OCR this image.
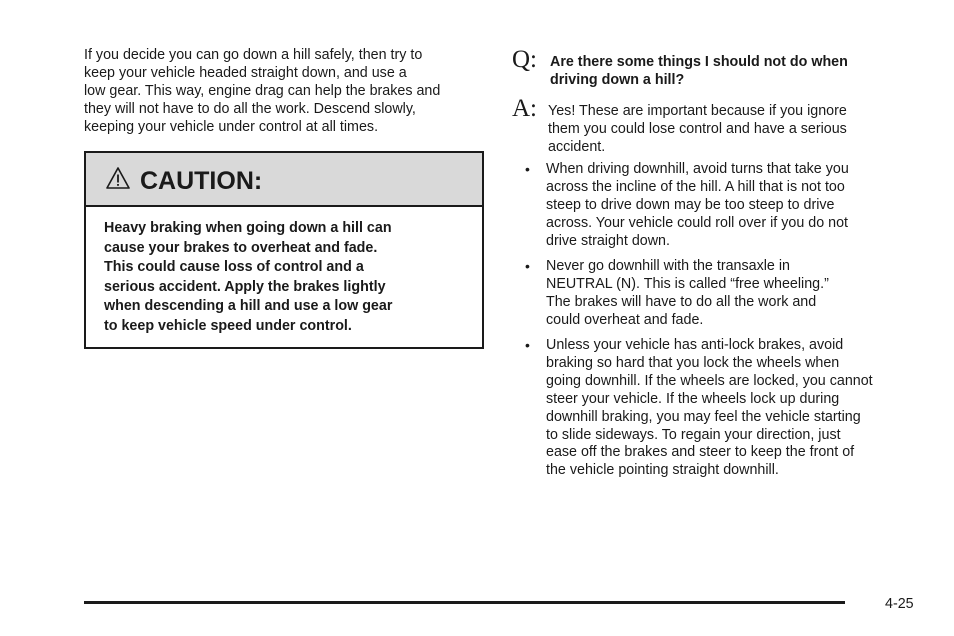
If you decide you can go down a hill safely, then try to
keep your vehicle headed straight down, and use a
low gear. This way, engine drag can help the brakes and
they will not have to do all the work. Descend slowly,
keeping your vehicle under control at all times.
CAUTION:
Heavy braking when going down a hill can
cause your brakes to overheat and fade.
This could cause loss of control and a
serious accident. Apply the brakes lightly
when descending a hill and use a low gear
to keep vehicle speed under control.
Q: Are there some things I should not do when
driving down a hill?
A: Yes! These are important because if you ignore
them you could lose control and have a serious
accident.
• When driving downhill, avoid turns that take you
across the incline of the hill. A hill that is not too
steep to drive down may be too steep to drive
across. Your vehicle could roll over if you do not
drive straight down.
• Never go downhill with the transaxle in
NEUTRAL (N). This is called “free wheeling.”
The brakes will have to do all the work and
could overheat and fade.
• Unless your vehicle has anti-lock brakes, avoid
braking so hard that you lock the wheels when
going downhill. If the wheels are locked, you cannot
steer your vehicle. If the wheels lock up during
downhill braking, you may feel the vehicle starting
to slide sideways. To regain your direction, just
ease off the brakes and steer to keep the front of
the vehicle pointing straight downhill.
4-25
